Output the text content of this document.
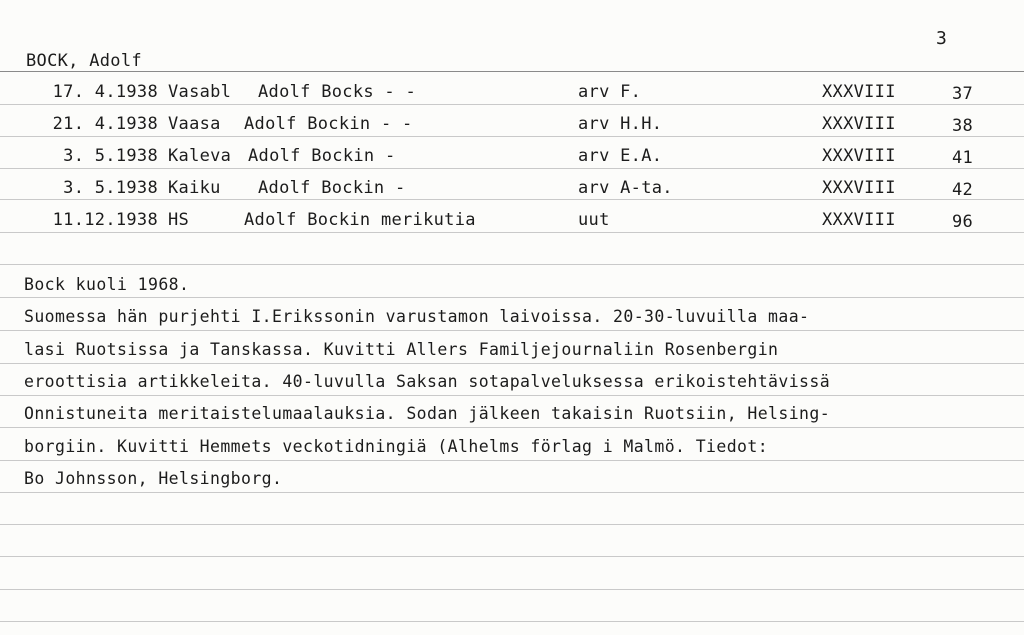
BOCK, Adolf
3
17. 4.1938 Vasabl Adolf Bocks - -	arv F.	XXXVIII	37
21. 4.1938 Vaasa Adolf Bockin - -	arv H.H.	XXXVIII	38
3. 5.1938 Kaleva Adolf Bockin -	arv E.A.	XXXVIII	41
3. 5.1938 Kaiku Adolf Bockin -	arv A-ta.	XXXVIII	42
11.12.1938 HS	Adolf Bockin merikutia	uut	XXXVIII	96
Bock kuoli 1968.
Suomessa hän purjehti I.Erikssonin varustamon laivoissa. 20-30-luvuilla maa-
lasi Ruotsissa ja Tanskassa. Kuvitti Allers Familjejournaliin Rosenbergin
eroottisia artikkeleita. 40-luvulla Saksan sotapalveluksessa erikoistehtävissä
Onnistuneita meritaistelumaalauksia. Sodan jälkeen takaisin Ruotsiin, Helsing-
borgiin. Kuvitti Hemmets veckotidningiä (Alhelms förlag i Malmö. Tiedot:
Bo Johnsson, Helsingborg.
